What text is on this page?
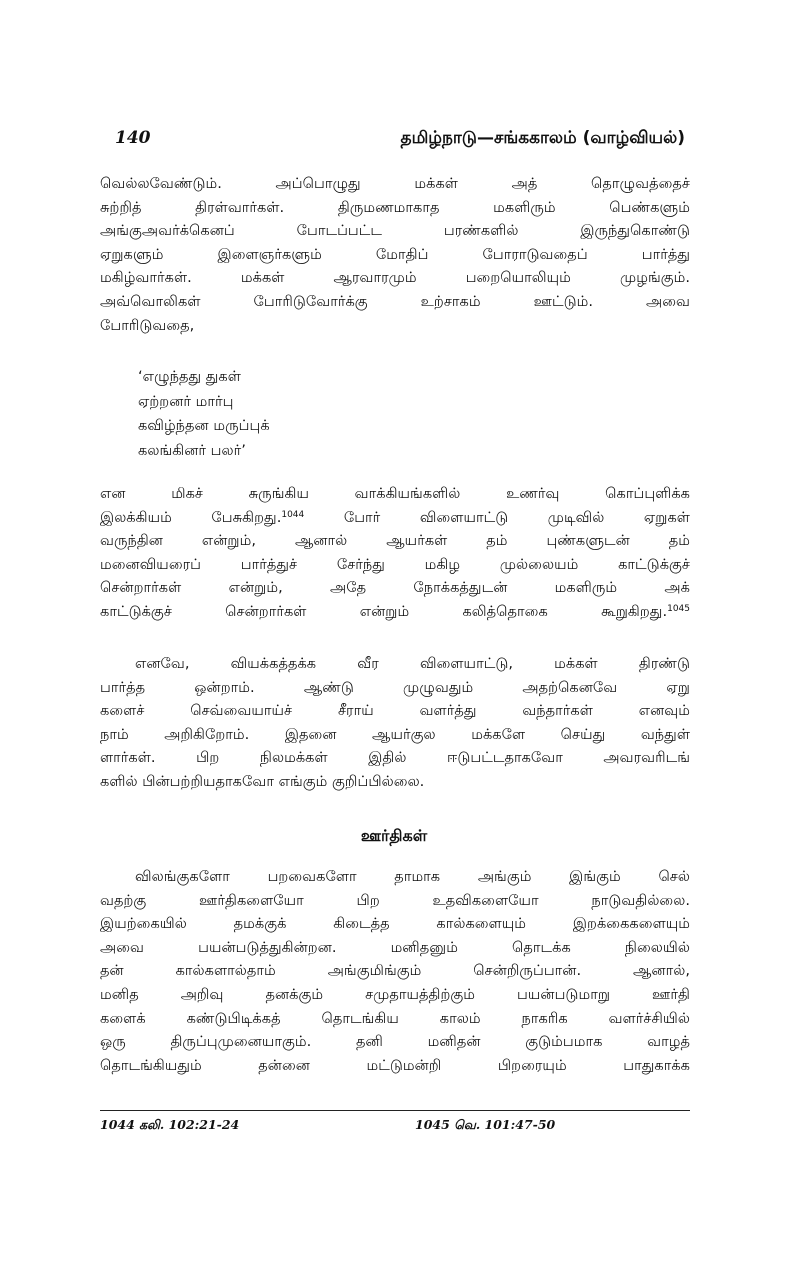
140	தமிழ்நாடு—சங்ககாலம் (வாழ்வியல்)
வெல்லவேண்டும். அப்பொழுது மக்கள் அத் தொழுவத்தைச்
சுற்றித் திரள்வார்கள். திருமணமாகாத மகளிரும் பெண்களும்
அங்குஅவர்க்கெனப் போடப்பட்ட பரண்களில் இருந்துகொண்டு
ஏறுகளும் இளைஞர்களும் மோதிப் போராடுவதைப் பார்த்து
மகிழ்வார்கள். மக்கள் ஆரவாரமும் பறையொலியும் முழங்கும்.
அவ்வொலிகள் போரிடுவோர்க்கு உற்சாகம் ஊட்டும். அவை
போரிடுவதை,
‘எழுந்தது துகள்
ஏற்றனர் மார்பு
கவிழ்ந்தன மருப்புக்
கலங்கினர் பலர்’
என மிகச் சுருங்கிய வாக்கியங்களில் உணர்வு கொப்புளிக்க
இலக்கியம் பேசுகிறது.$^{1044}$ போர் விளையாட்டு முடிவில் ஏறுகள்
வருந்தின என்றும், ஆனால் ஆயர்கள் தம் புண்களுடன் தம்
மனைவியரைப் பார்த்துச் சேர்ந்து மகிழ முல்லையம் காட்டுக்குச்
சென்றார்கள் என்றும், அதே நோக்கத்துடன் மகளிரும் அக்
காட்டுக்குச் சென்றார்கள் என்றும் கலித்தொகை கூறுகிறது.$^{1045}$
எனவே, வியக்கத்தக்க வீர விளையாட்டு, மக்கள் திரண்டு
பார்த்த ஒன்றாம். ஆண்டு முழுவதும் அதற்கெனவே ஏறு
களைச் செவ்வையாய்ச் சீராய் வளர்த்து வந்தார்கள் எனவும்
நாம் அறிகிறோம். இதனை ஆயர்குல மக்களே செய்து வந்துள்
ளார்கள். பிற நிலமக்கள் இதில் ஈடுபட்டதாகவோ அவரவரிடங்
களில் பின்பற்றியதாகவோ எங்கும் குறிப்பில்லை.
ஊர்திகள்
விலங்குகளோ பறவைகளோ தாமாக அங்கும் இங்கும் செல்
வதற்கு ஊர்திகளையோ பிற உதவிகளையோ நாடுவதில்லை.
இயற்கையில் தமக்குக் கிடைத்த கால்களையும் இறக்கைகளையும்
அவை பயன்படுத்துகின்றன. மனிதனும் தொடக்க நிலையில்
தன் கால்களால்தாம் அங்குமிங்கும் சென்றிருப்பான். ஆனால்,
மனித அறிவு தனக்கும் சமுதாயத்திற்கும் பயன்படுமாறு ஊர்தி
களைக் கண்டுபிடிக்கத் தொடங்கிய காலம் நாகரிக வளர்ச்சியில்
ஒரு திருப்புமுனையாகும். தனி மனிதன் குடும்பமாக வாழத்
தொடங்கியதும் தன்னை மட்டுமன்றி பிறரையும் பாதுகாக்க
1044 கலி. 102:21-24	1045 வெ. 101:47-50
